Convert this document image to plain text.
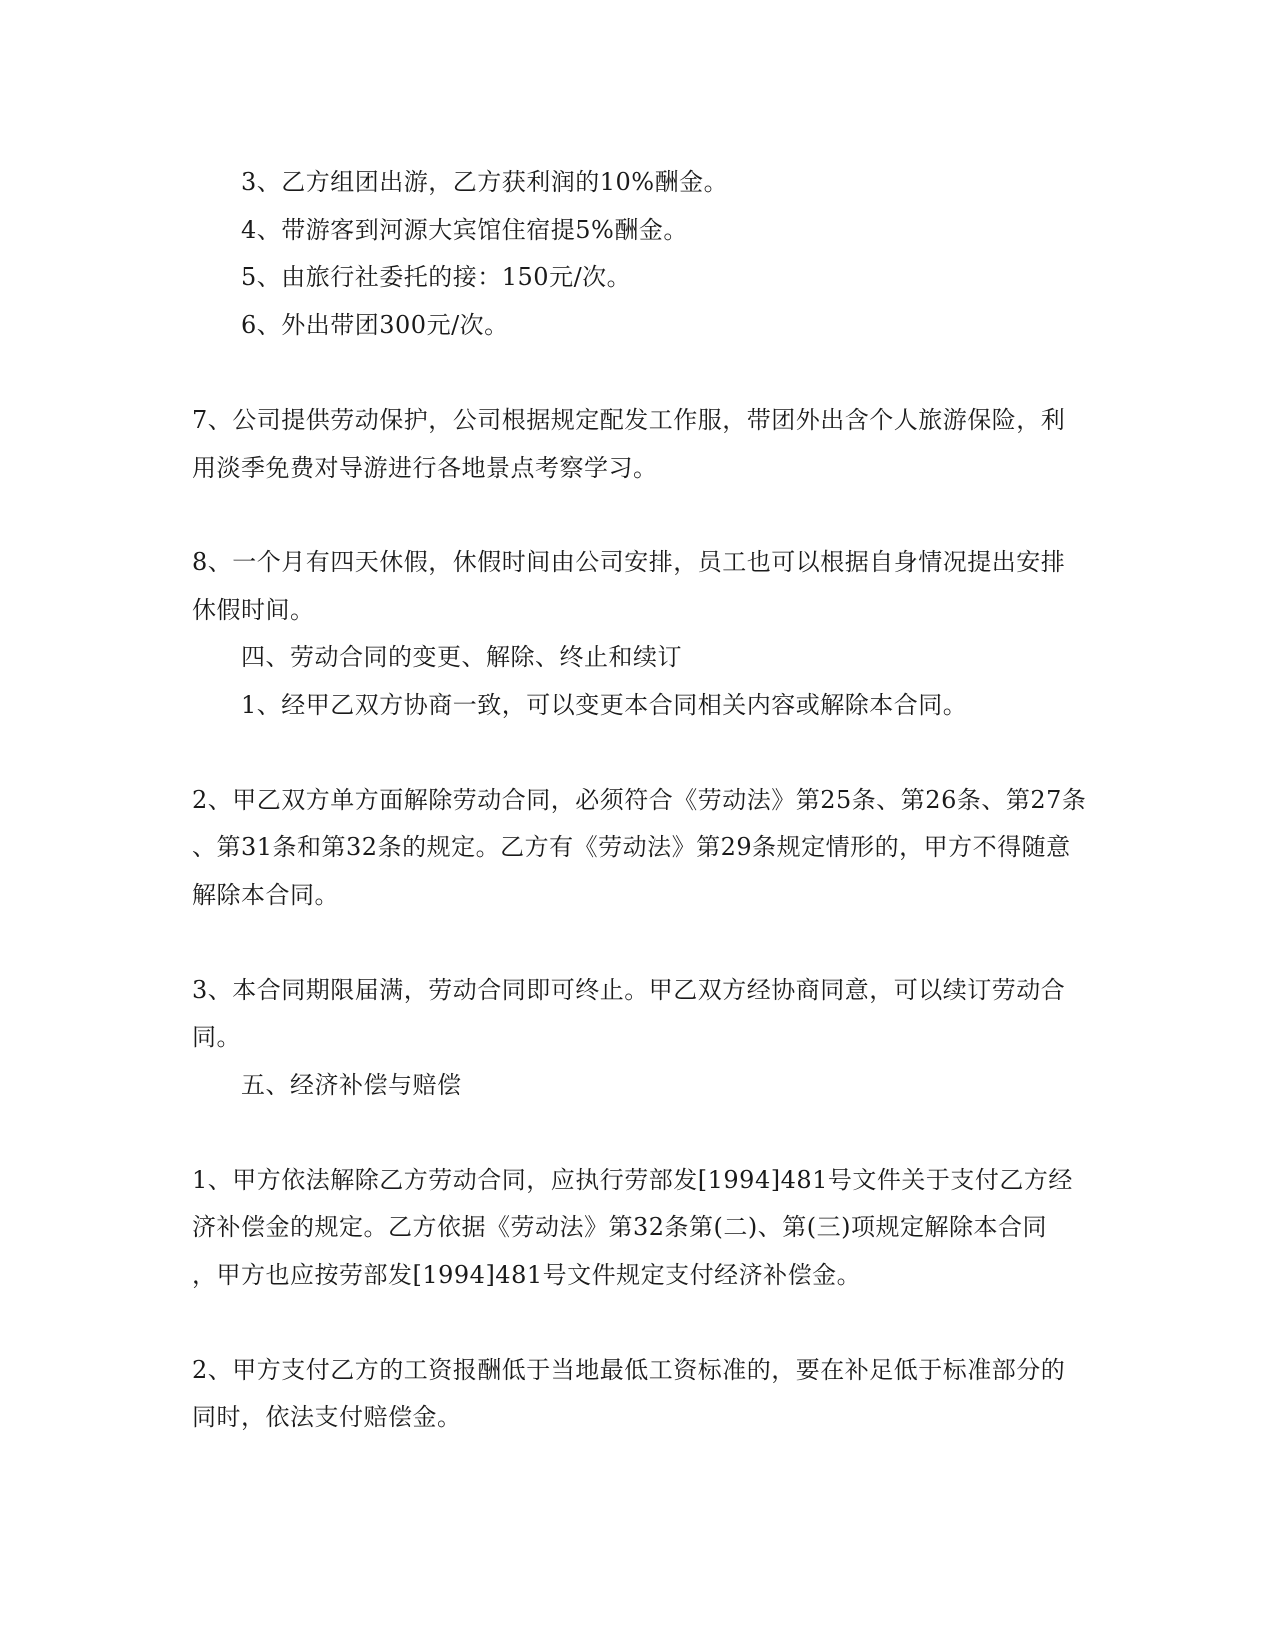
3、乙方组团出游，乙方获利润的10%酬金。
4、带游客到河源大宾馆住宿提5%酬金。
5、由旅行社委托的接：150元/次。
6、外出带团300元/次。
7、公司提供劳动保护，公司根据规定配发工作服，带团外出含个人旅游保险，利
用淡季免费对导游进行各地景点考察学习。
8、一个月有四天休假，休假时间由公司安排，员工也可以根据自身情况提出安排
休假时间。
四、劳动合同的变更、解除、终止和续订
1、经甲乙双方协商一致，可以变更本合同相关内容或解除本合同。
2、甲乙双方单方面解除劳动合同，必须符合《劳动法》第25条、第26条、第27条
、第31条和第32条的规定。乙方有《劳动法》第29条规定情形的，甲方不得随意
解除本合同。
3、本合同期限届满，劳动合同即可终止。甲乙双方经协商同意，可以续订劳动合
同。
五、经济补偿与赔偿
1、甲方依法解除乙方劳动合同，应执行劳部发[1994]481号文件关于支付乙方经
济补偿金的规定。乙方依据《劳动法》第32条第(二)、第(三)项规定解除本合同
，甲方也应按劳部发[1994]481号文件规定支付经济补偿金。
2、甲方支付乙方的工资报酬低于当地最低工资标准的，要在补足低于标准部分的
同时，依法支付赔偿金。
